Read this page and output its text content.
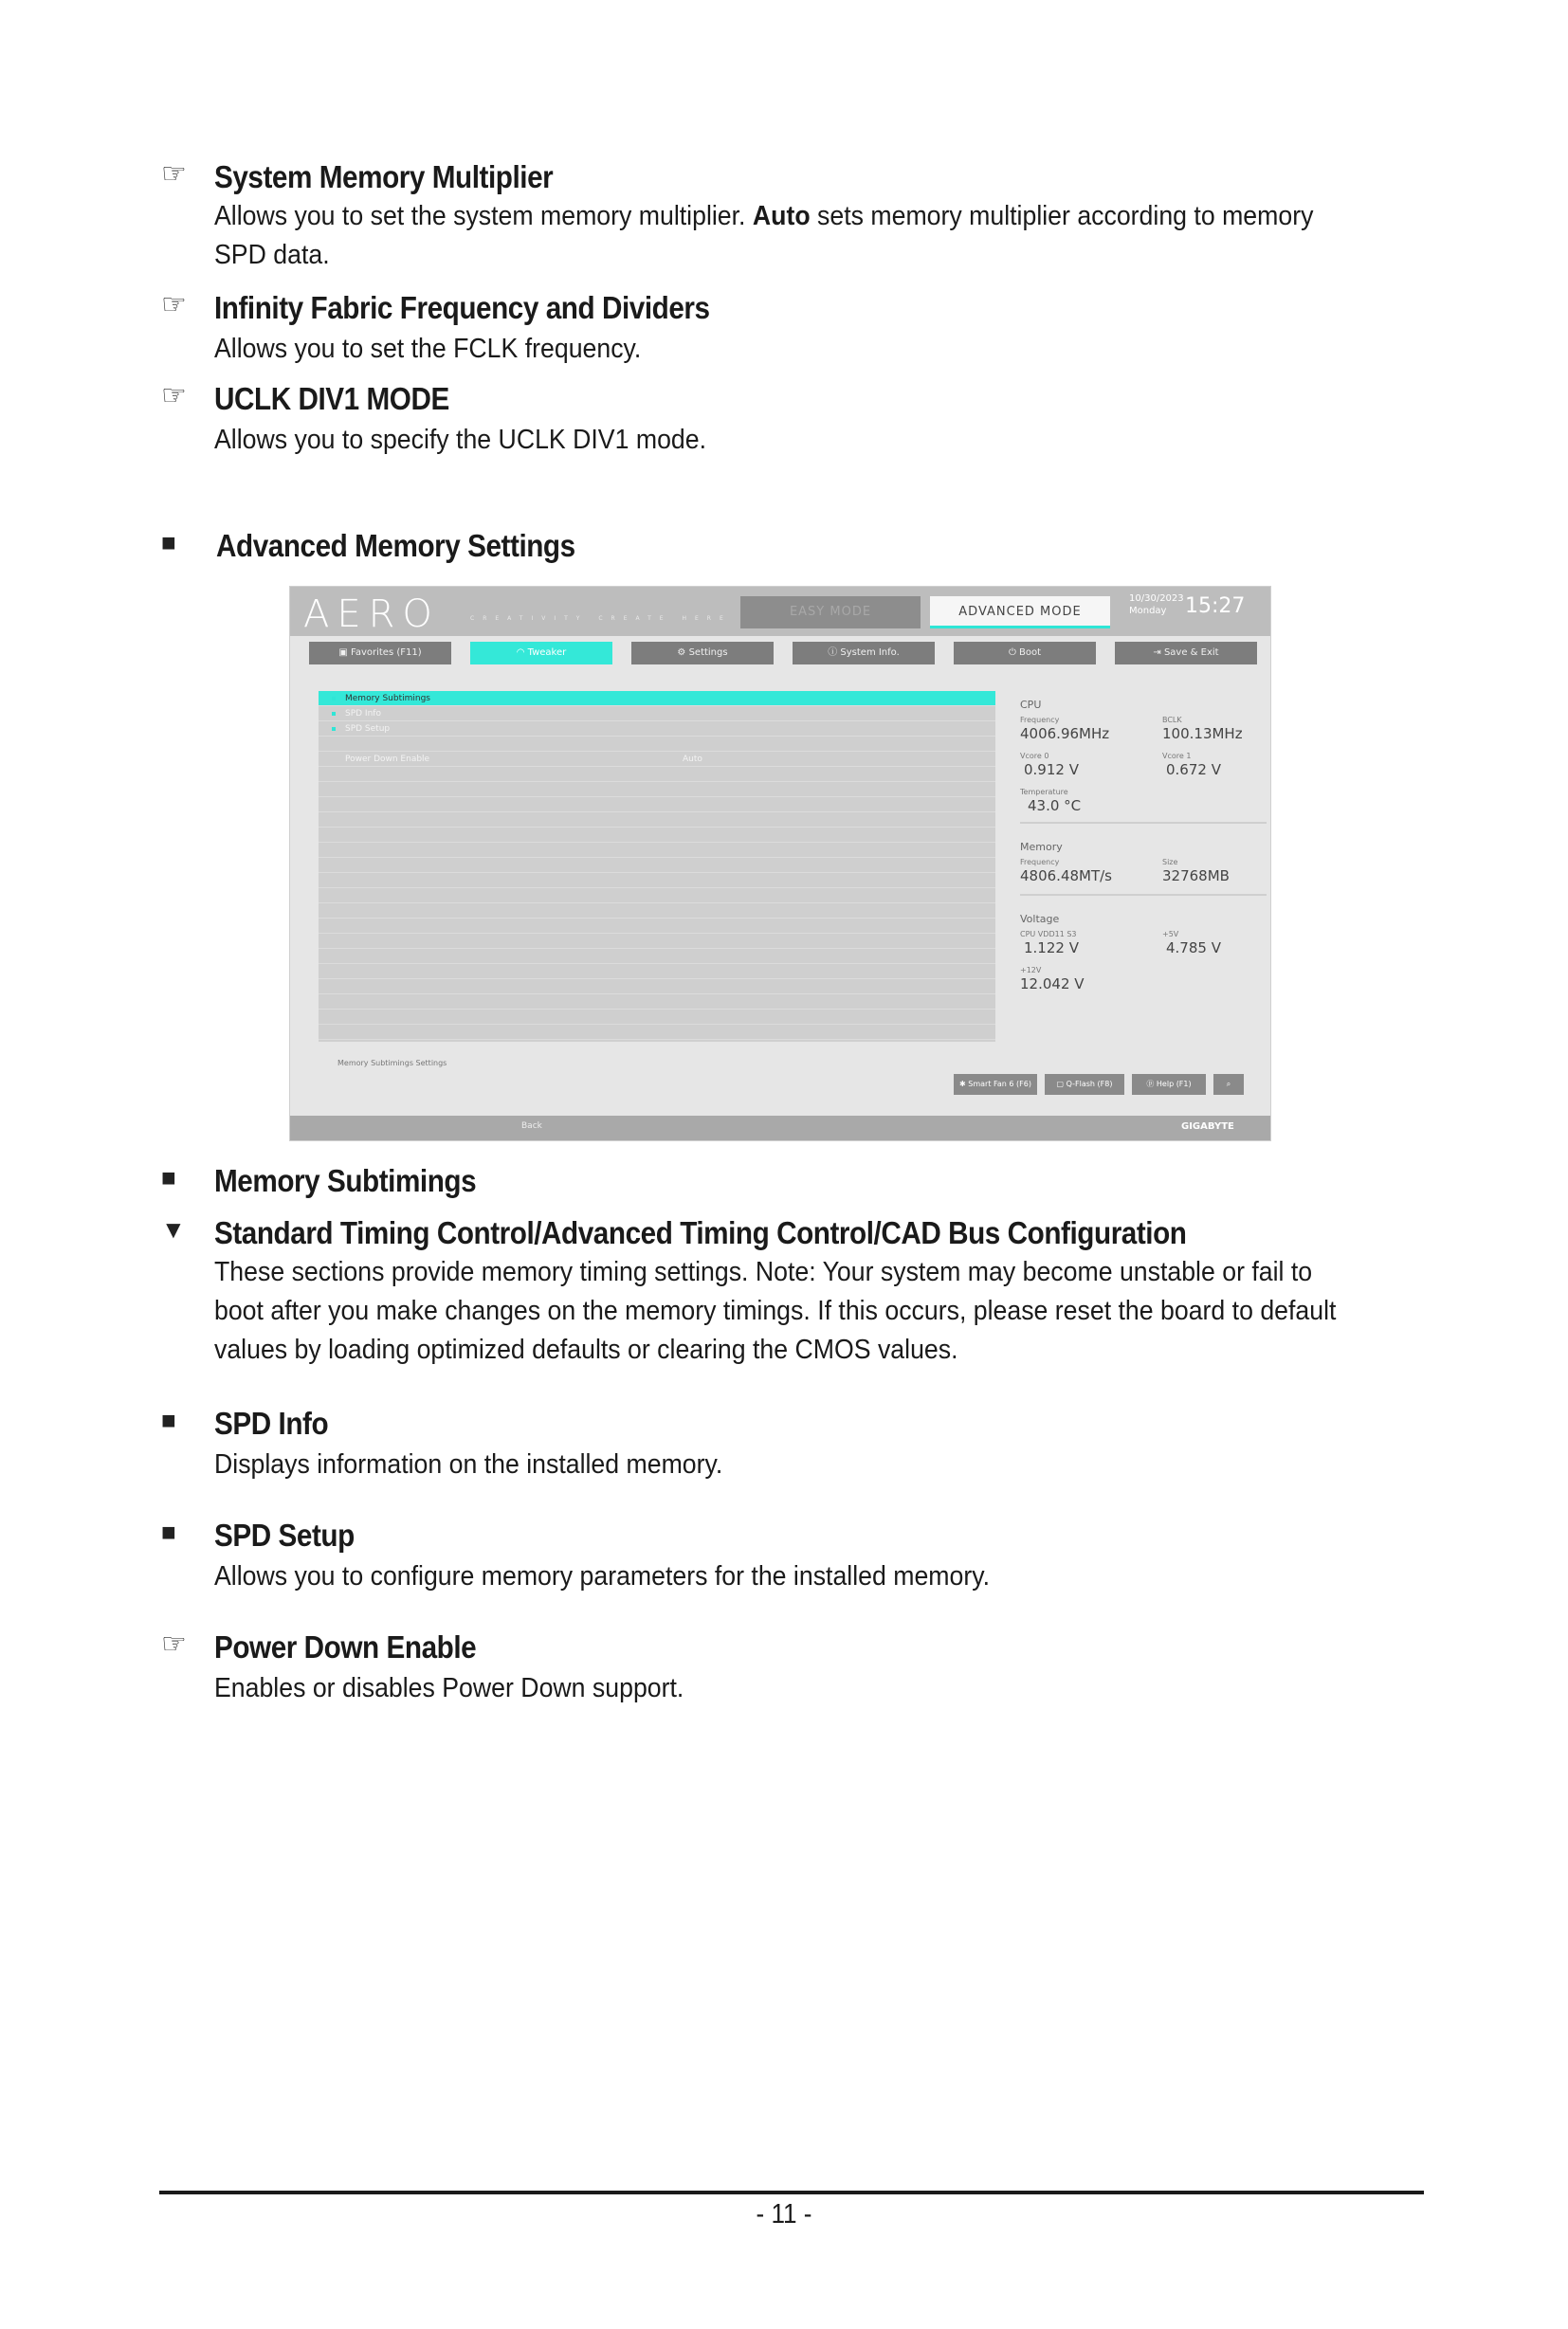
☞ System Memory Multiplier
Allows you to set the system memory multiplier. Auto sets memory multiplier according to memory SPD data.
☞ Infinity Fabric Frequency and Dividers
Allows you to set the FCLK frequency.
☞ UCLK DIV1 MODE
Allows you to specify the UCLK DIV1 mode.
■ Advanced Memory Settings
AERO	CREATIVITY CREATE HERE	EASY MODE	ADVANCED MODE
10/30/2023
Monday 15:27
▣ Favorites (F11)	◠ Tweaker	⚙ Settings	ⓘ System Info.	⏻ Boot	⇥ Save & Exit
Memory Subtimings
SPD Info
SPD Setup
Power Down Enable	Auto
CPU
Frequency
4006.96MHz
BCLK
100.13MHz
Vcore 0
0.912 V
Vcore 1
0.672 V
Temperature
43.0 °C
Memory
Frequency
4806.48MT/s
Size
32768MB
Voltage
CPU VDD11 S3
1.122 V
+5V
4.785 V
+12V
12.042 V
Memory Subtimings Settings
✱ Smart Fan 6 (F6)	▢ Q-Flash (F8)	ⓟ Help (F1)	⌕
Back	GIGABYTE
■ Memory Subtimings
▼ Standard Timing Control/Advanced Timing Control/CAD Bus Configuration
These sections provide memory timing settings. Note: Your system may become unstable or fail to boot after you make changes on the memory timings. If this occurs, please reset the board to default values by loading optimized defaults or clearing the CMOS values.
■ SPD Info
Displays information on the installed memory.
■ SPD Setup
Allows you to configure memory parameters for the installed memory.
☞ Power Down Enable
Enables or disables Power Down support.
- 11 -
